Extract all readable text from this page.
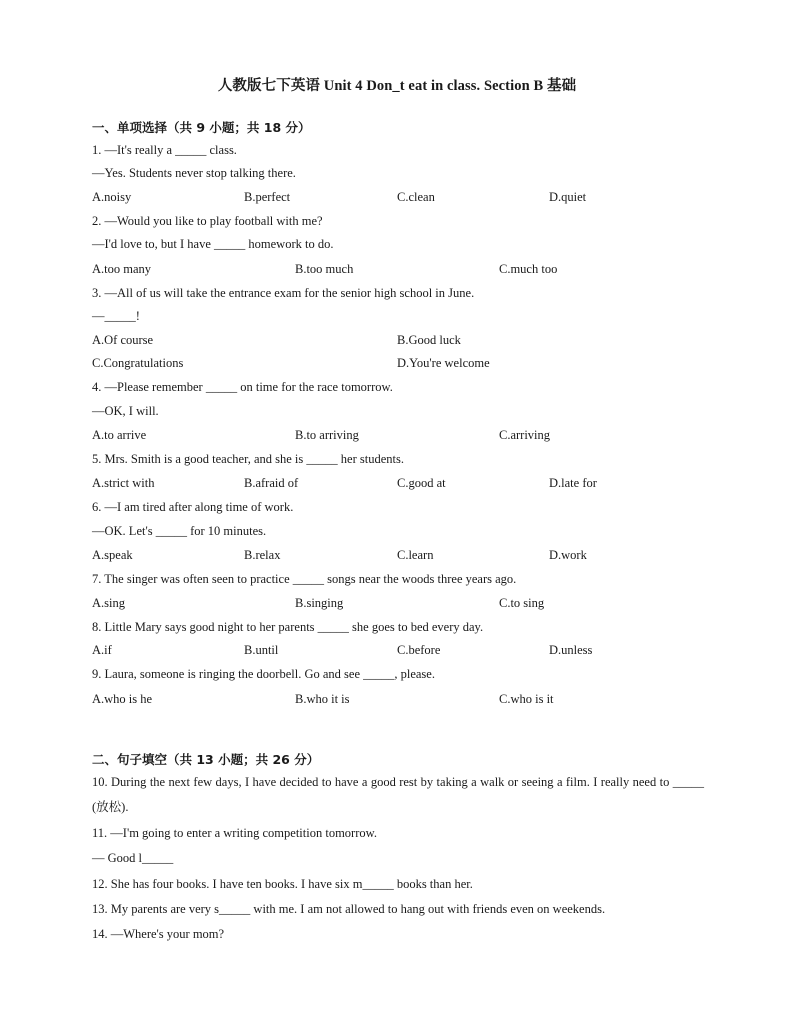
人教版七下英语 Unit 4 Don_t eat in class. Section B 基础
一、单项选择（共 9 小题；共 18 分）
1. —It's really a _____ class.
—Yes. Students never stop talking there.
A.noisy	B.perfect	C.clean	D.quiet
2. —Would you like to play football with me?
—I'd love to, but I have _____ homework to do.
A.too many	B.too much	C.much too
3. —All of us will take the entrance exam for the senior high school in June.
—_____!
A.Of course	B.Good luck
C.Congratulations	D.You're welcome
4. —Please remember _____ on time for the race tomorrow.
—OK, I will.
A.to arrive	B.to arriving	C.arriving
5. Mrs. Smith is a good teacher, and she is _____ her students.
A.strict with	B.afraid of	C.good at	D.late for
6. —I am tired after along time of work.
—OK. Let's _____ for 10 minutes.
A.speak	B.relax	C.learn	D.work
7. The singer was often seen to practice _____ songs near the woods three years ago.
A.sing	B.singing	C.to sing
8. Little Mary says good night to her parents _____ she goes to bed every day.
A.if	B.until	C.before	D.unless
9. Laura, someone is ringing the doorbell. Go and see _____, please.
A.who is he	B.who it is	C.who is it
二、句子填空（共 13 小题；共 26 分）
10. During the next few days, I have decided to have a good rest by taking a walk or seeing a film. I really need to _____ (放松).
11. —I'm going to enter a writing competition tomorrow.
— Good l_____
12. She has four books. I have ten books. I have six m_____ books than her.
13. My parents are very s_____ with me. I am not allowed to hang out with friends even on weekends.
14. —Where's your mom?
